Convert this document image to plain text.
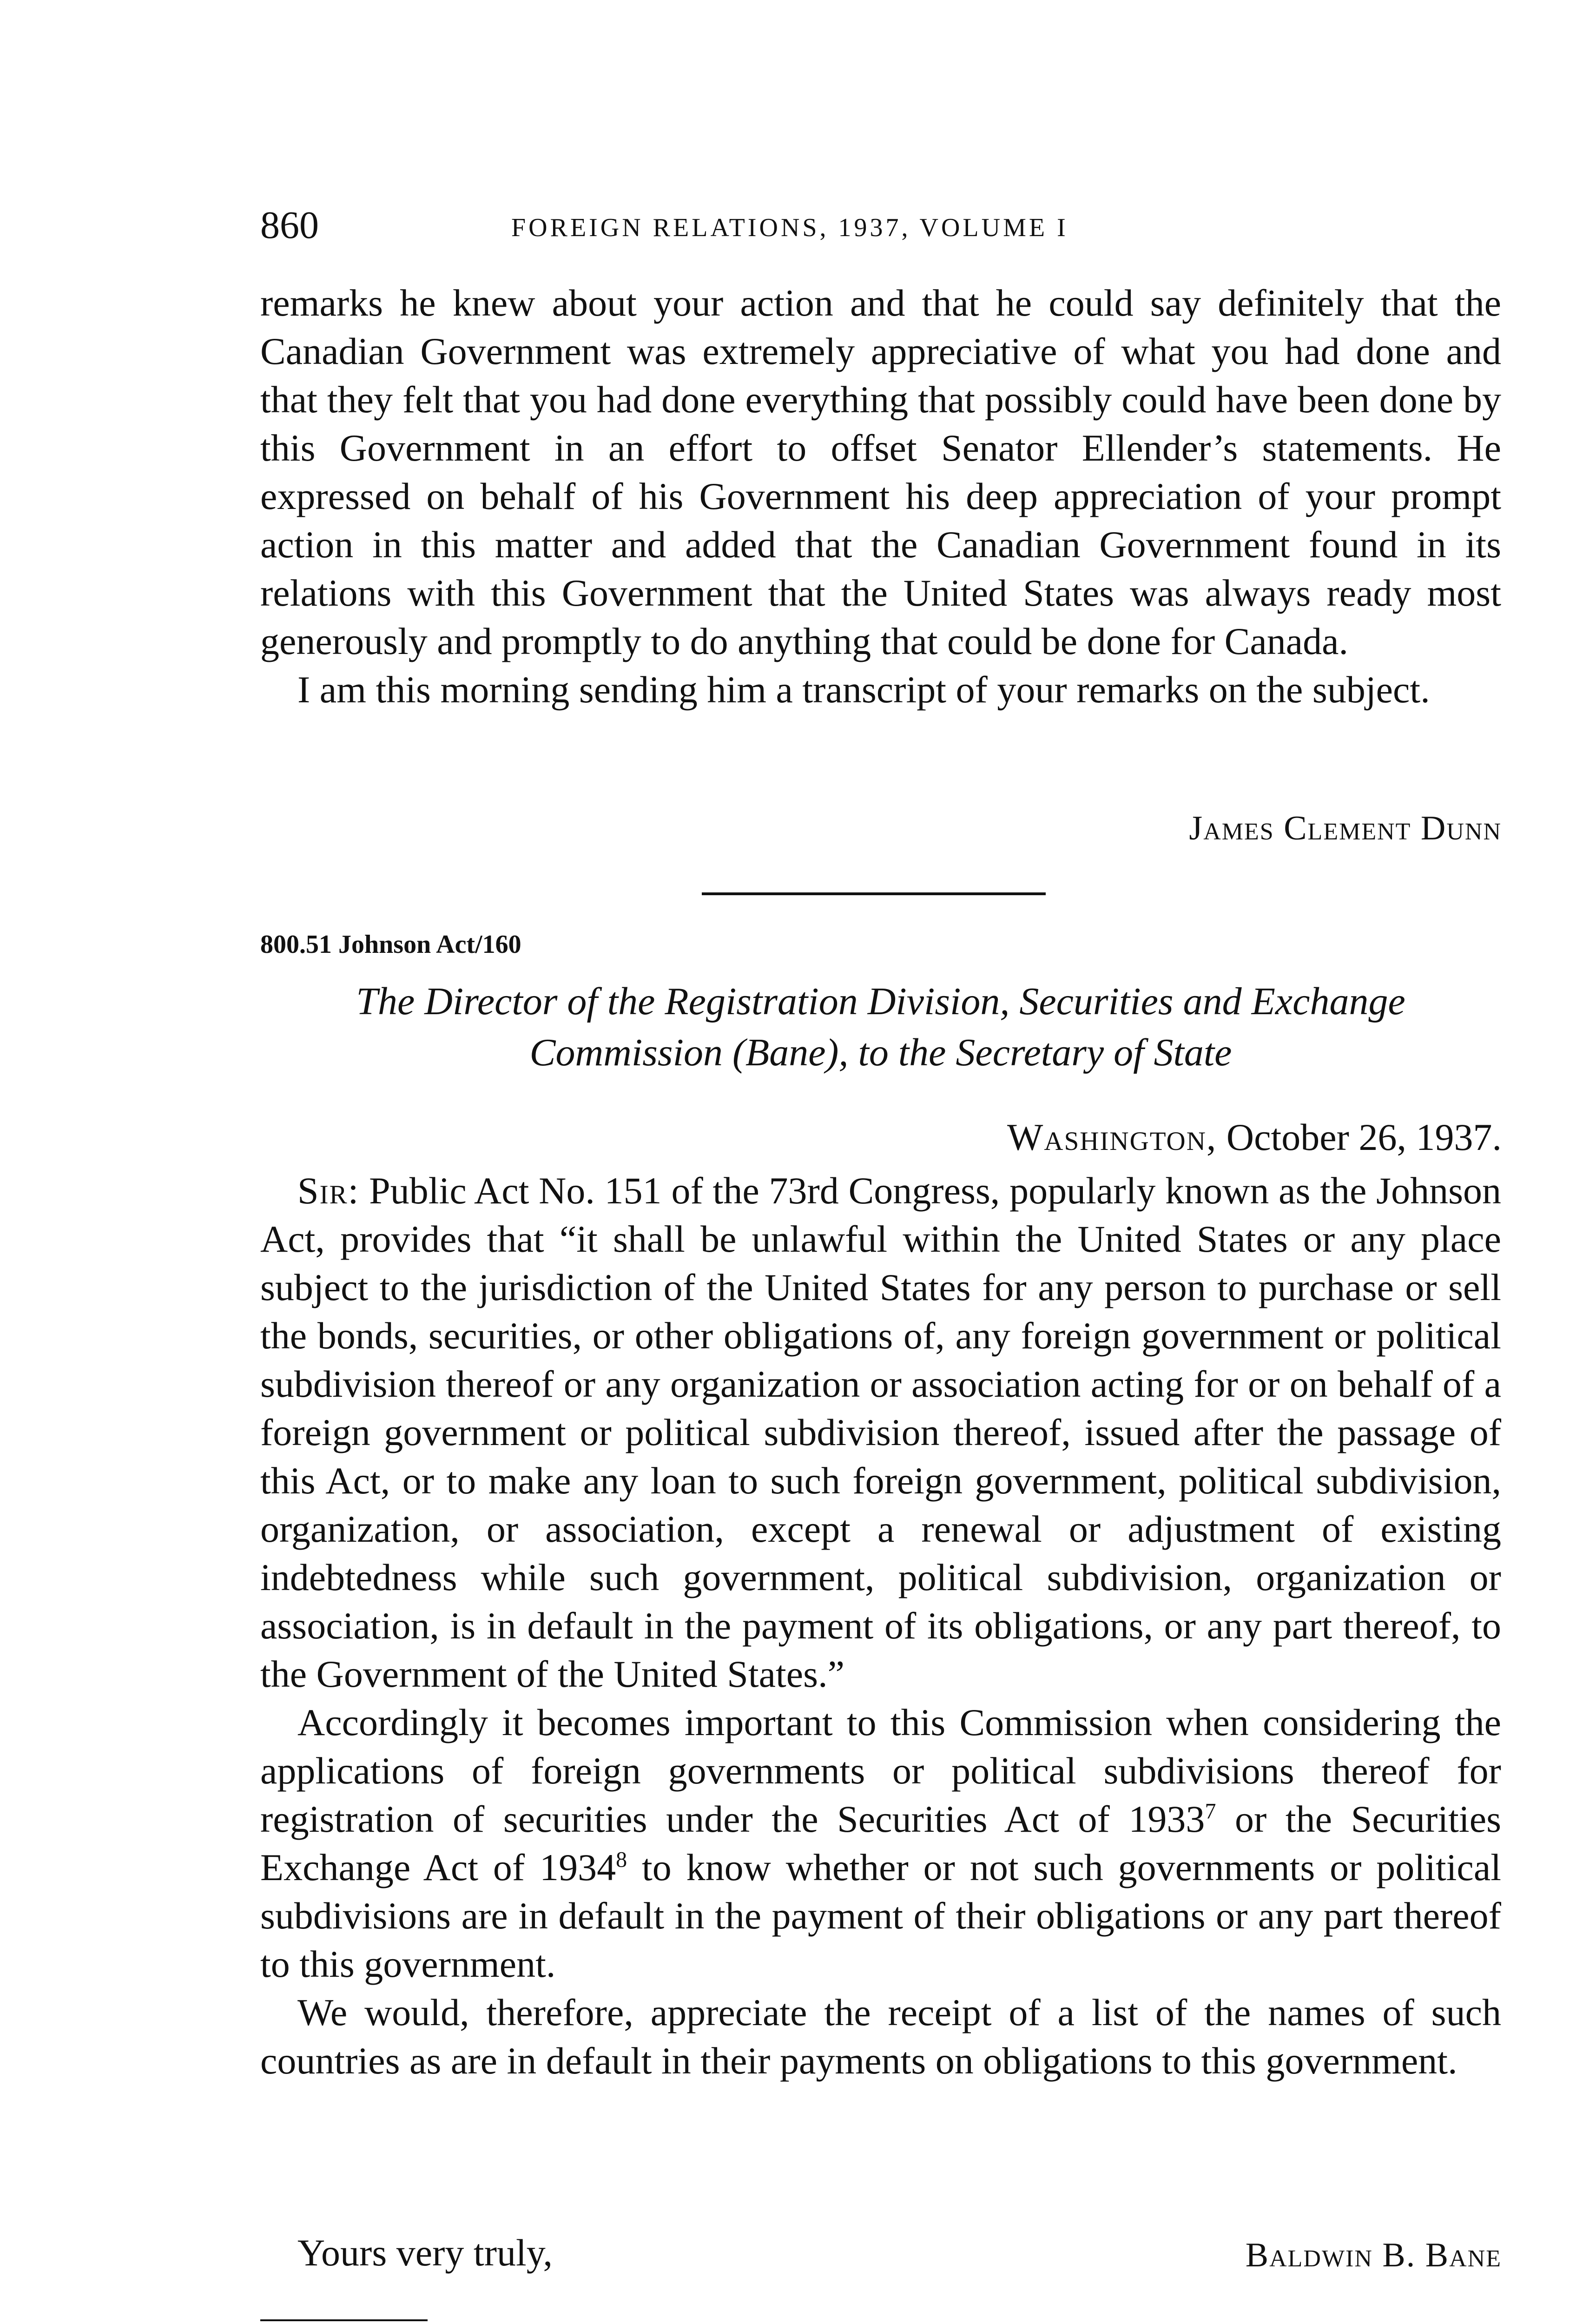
860	FOREIGN RELATIONS, 1937, VOLUME I

remarks he knew about your action and that he could say definitely that the Canadian Government was extremely appreciative of what you had done and that they felt that you had done everything that possibly could have been done by this Government in an effort to offset Senator Ellender’s statements. He expressed on behalf of his Government his deep appreciation of your prompt action in this matter and added that the Canadian Government found in its relations with this Government that the United States was always ready most generously and promptly to do anything that could be done for Canada.

I am this morning sending him a transcript of your remarks on the subject.

James Clement Dunn
800.51 Johnson Act/160
The Director of the Registration Division, Securities and Exchange Commission (Bane), to the Secretary of State
Washington, October 26, 1937.

Sir: Public Act No. 151 of the 73rd Congress, popularly known as the Johnson Act, provides that “it shall be unlawful within the United States or any place subject to the jurisdiction of the United States for any person to purchase or sell the bonds, securities, or other obligations of, any foreign government or political subdivision thereof or any organization or association acting for or on behalf of a foreign government or political subdivision thereof, issued after the passage of this Act, or to make any loan to such foreign government, political subdivision, organization, or association, except a renewal or adjustment of existing indebtedness while such government, political subdivision, organization or association, is in default in the payment of its obligations, or any part thereof, to the Government of the United States.”

Accordingly it becomes important to this Commission when considering the applications of foreign governments or political subdivisions thereof for registration of securities under the Securities Act of 1933$^7$ or the Securities Exchange Act of 1934$^8$ to know whether or not such governments or political subdivisions are in default in the payment of their obligations or any part thereof to this government.

We would, therefore, appreciate the receipt of a list of the names of such countries as are in default in their payments on obligations to this government.

Yours very truly,	Baldwin B. Bane
